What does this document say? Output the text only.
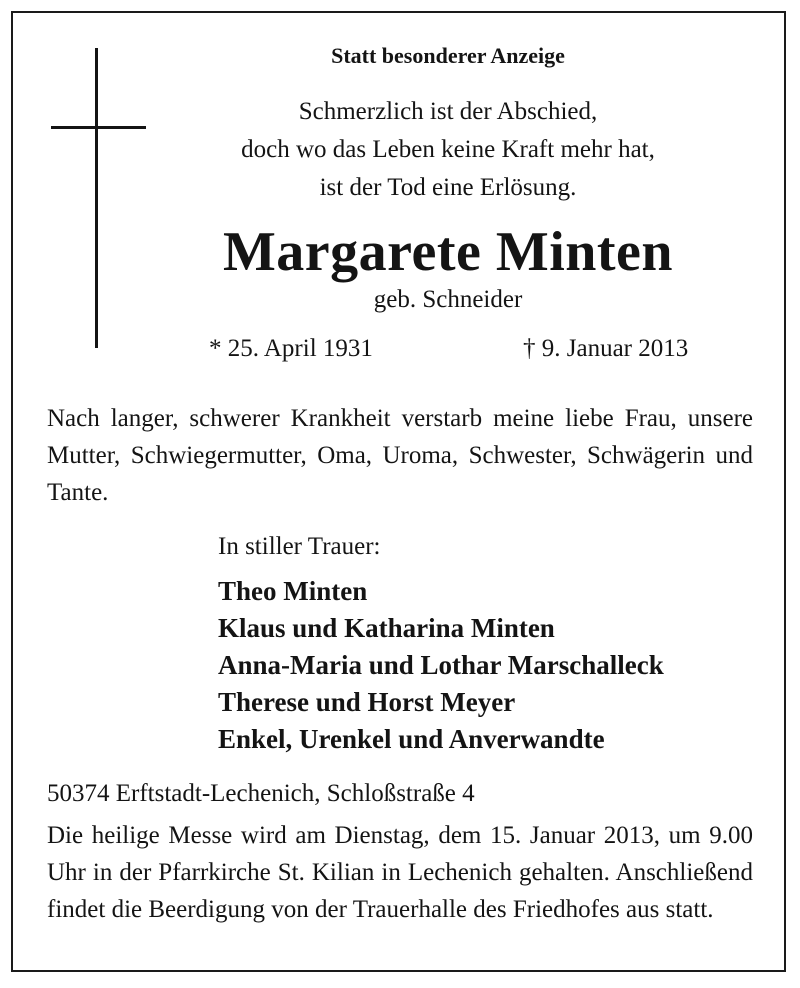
Statt besonderer Anzeige
Schmerzlich ist der Abschied,
doch wo das Leben keine Kraft mehr hat,
ist der Tod eine Erlösung.
Margarete Minten
geb. Schneider
* 25. April 1931	† 9. Januar 2013
Nach langer, schwerer Krankheit verstarb meine liebe Frau, unsere Mutter, Schwiegermutter, Oma, Uroma, Schwester, Schwägerin und Tante.
In stiller Trauer:
Theo Minten
Klaus und Katharina Minten
Anna-Maria und Lothar Marschalleck
Therese und Horst Meyer
Enkel, Urenkel und Anverwandte
50374 Erftstadt-Lechenich, Schloßstraße 4
Die heilige Messe wird am Dienstag, dem 15. Januar 2013, um 9.00 Uhr in der Pfarrkirche St. Kilian in Lechenich gehalten. Anschließend findet die Beerdigung von der Trauerhalle des Friedhofes aus statt.
